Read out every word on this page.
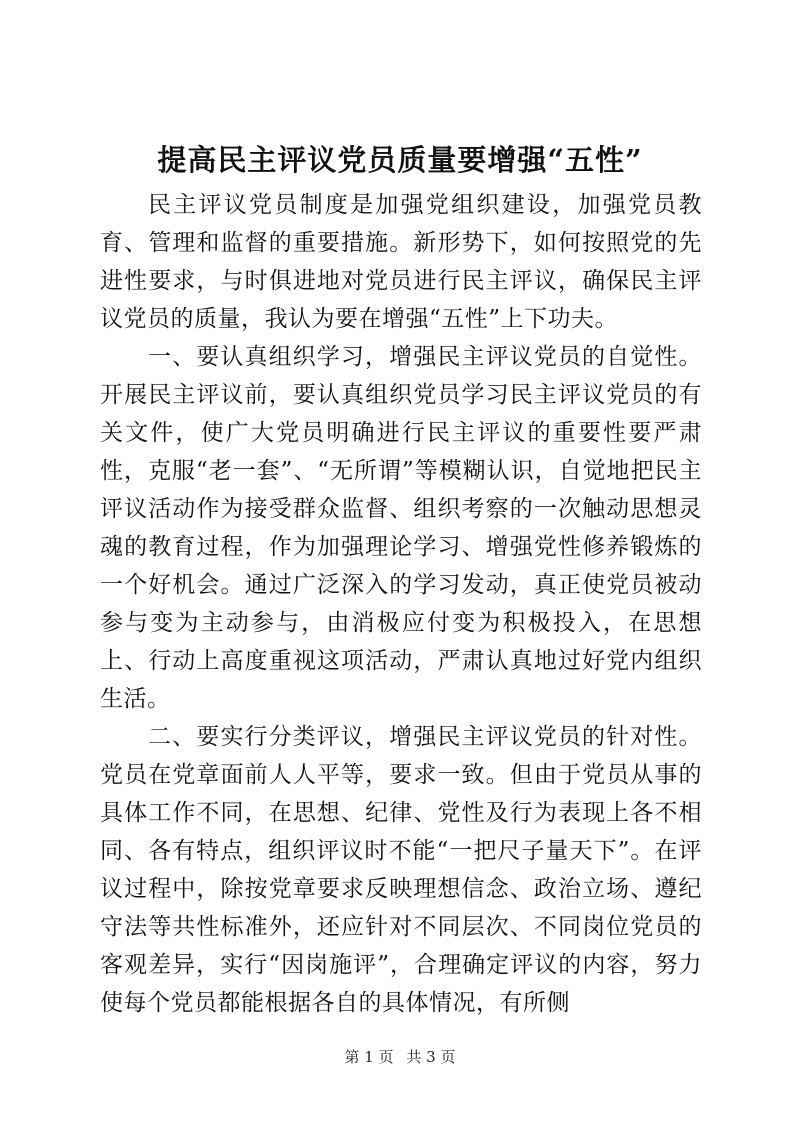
提高民主评议党员质量要增强“五性”

民主评议党员制度是加强党组织建设，加强党员教育、管理和监督的重要措施。新形势下，如何按照党的先进性要求，与时俱进地对党员进行民主评议，确保民主评议党员的质量，我认为要在增强“五性”上下功夫。

一、要认真组织学习，增强民主评议党员的自觉性。开展民主评议前，要认真组织党员学习民主评议党员的有关文件，使广大党员明确进行民主评议的重要性要严肃性，克服“老一套”、“无所谓”等模糊认识，自觉地把民主评议活动作为接受群众监督、组织考察的一次触动思想灵魂的教育过程，作为加强理论学习、增强党性修养锻炼的一个好机会。通过广泛深入的学习发动，真正使党员被动参与变为主动参与，由消极应付变为积极投入，在思想上、行动上高度重视这项活动，严肃认真地过好党内组织生活。

二、要实行分类评议，增强民主评议党员的针对性。党员在党章面前人人平等，要求一致。但由于党员从事的具体工作不同，在思想、纪律、党性及行为表现上各不相同、各有特点，组织评议时不能“一把尺子量天下”。在评议过程中，除按党章要求反映理想信念、政治立场、遵纪守法等共性标准外，还应针对不同层次、不同岗位党员的客观差异，实行“因岗施评”，合理确定评议的内容，努力使每个党员都能根据各自的具体情况，有所侧

第 1 页 共 3 页
